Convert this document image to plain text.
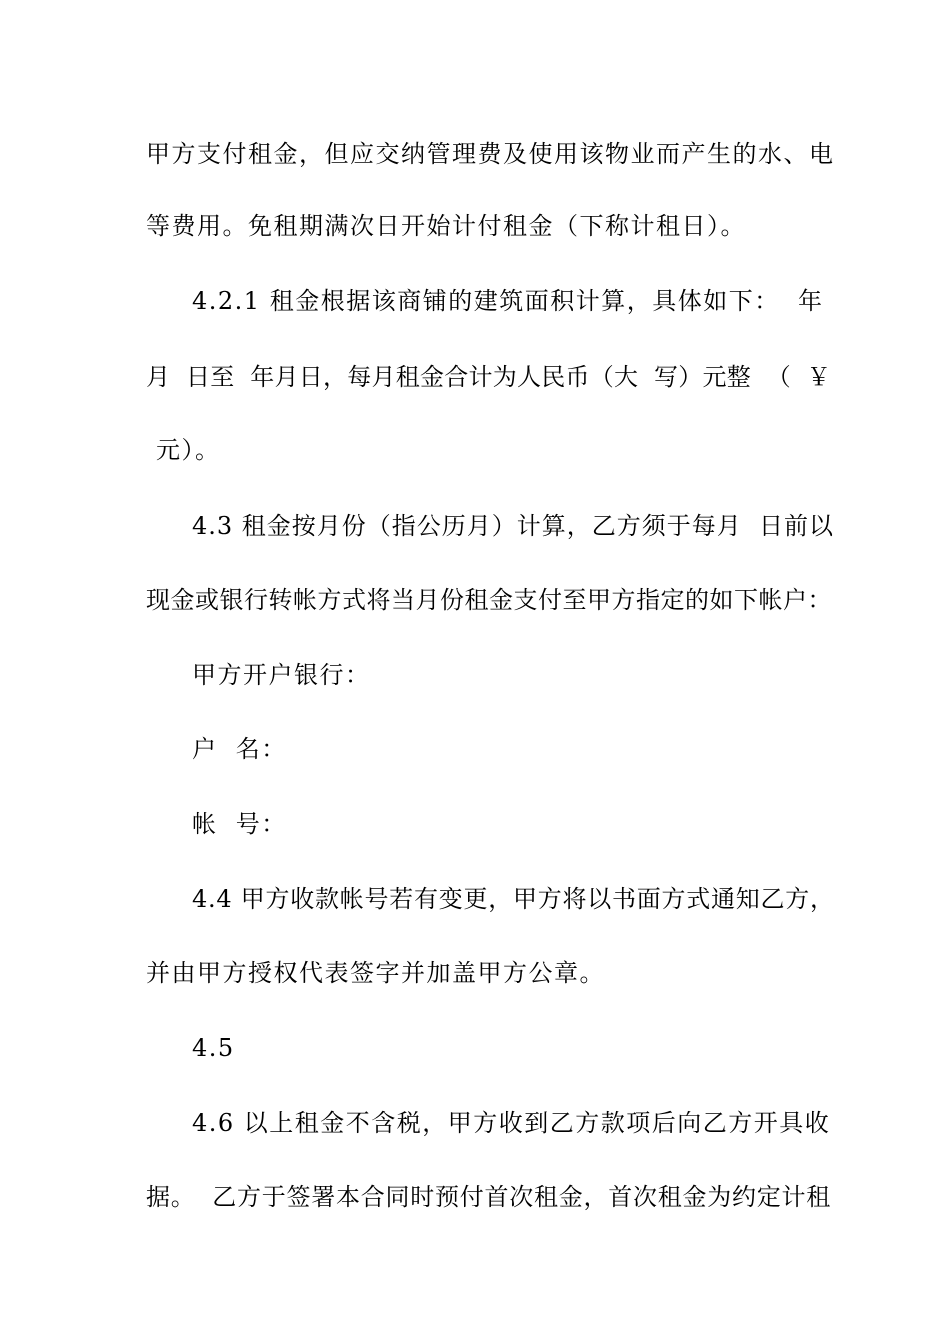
甲方支付租金，但应交纳管理费及使用该物业而产生的水、电
等费用。免租期满次日开始计付租金（下称计租日）。
4.2.1 租金根据该商铺的建筑面积计算，具体如下：  年
月  日至  年月日，每月租金合计为人民币（大  写）元整  （  ￥
元）。
4.3 租金按月份（指公历月）计算，乙方须于每月  日前以
现金或银行转帐方式将当月份租金支付至甲方指定的如下帐户：
甲方开户银行：
户  名：
帐  号：
4.4 甲方收款帐号若有变更，甲方将以书面方式通知乙方，
并由甲方授权代表签字并加盖甲方公章。
4.5
4.6 以上租金不含税，甲方收到乙方款项后向乙方开具收
据。  乙方于签署本合同时预付首次租金，首次租金为约定计租
